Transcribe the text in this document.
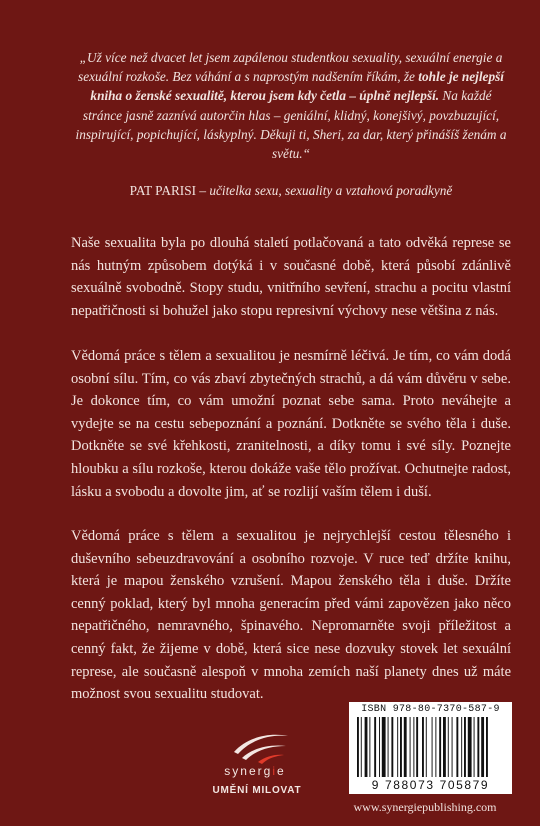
„Už více než dvacet let jsem zapálenou studentkou sexuality, sexuální energie a sexuální rozkoše. Bez váhání a s naprostým nadšením říkám, že tohle je nejlepší kniha o ženské sexualitě, kterou jsem kdy četla – úplně nejlepší. Na každé stránce jasně zaznívá autorčin hlas – geniální, klidný, konejšivý, povzbuzující, inspirující, popichující, láskyplný. Děkuji ti, Sheri, za dar, který přinášíš ženám a světu.“
PAT PARISI – učitelka sexu, sexuality a vztahová poradkyně
Naše sexualita byla po dlouhá staletí potlačovaná a tato odvěká represe se nás hutným způsobem dotýká i v současné době, která působí zdánlivě sexuálně svobodně. Stopy studu, vnitřního sevření, strachu a pocitu vlastní nepatřičnosti si bohužel jako stopu represivní výchovy nese většina z nás.
Vědomá práce s tělem a sexualitou je nesmírně léčivá. Je tím, co vám dodá osobní sílu. Tím, co vás zbaví zbytečných strachů, a dá vám důvěru v sebe. Je dokonce tím, co vám umožní poznat sebe sama. Proto neváhejte a vydejte se na cestu sebepoznání a poznání. Dotkněte se svého těla i duše. Dotkněte se své křehkosti, zranitelnosti, a díky tomu i své síly. Poznejte hloubku a sílu rozkoše, kterou dokáže vaše tělo prožívat. Ochutnejte radost, lásku a svobodu a dovolte jim, ať se rozlijí vaším tělem i duší.
Vědomá práce s tělem a sexualitou je nejrychlejší cestou tělesného i duševního sebeuzdravování a osobního rozvoje. V ruce teď držíte knihu, která je mapou ženského vzrušení. Mapou ženského těla i duše. Držíte cenný poklad, který byl mnoha generacím před vámi zapovězen jako něco nepatřičného, nemravného, špinavého. Nepromarněte svoji příležitost a cenný fakt, že žijeme v době, která sice nese dozvuky stovek let sexuální represe, ale současně alespoň v mnoha zemích naší planety dnes už máte možnost svou sexualitu studovat.
synergie
UMĚNÍ MILOVAT
ISBN 978-80-7370-587-9
9 788073 705879
www.synergiepublishing.com
